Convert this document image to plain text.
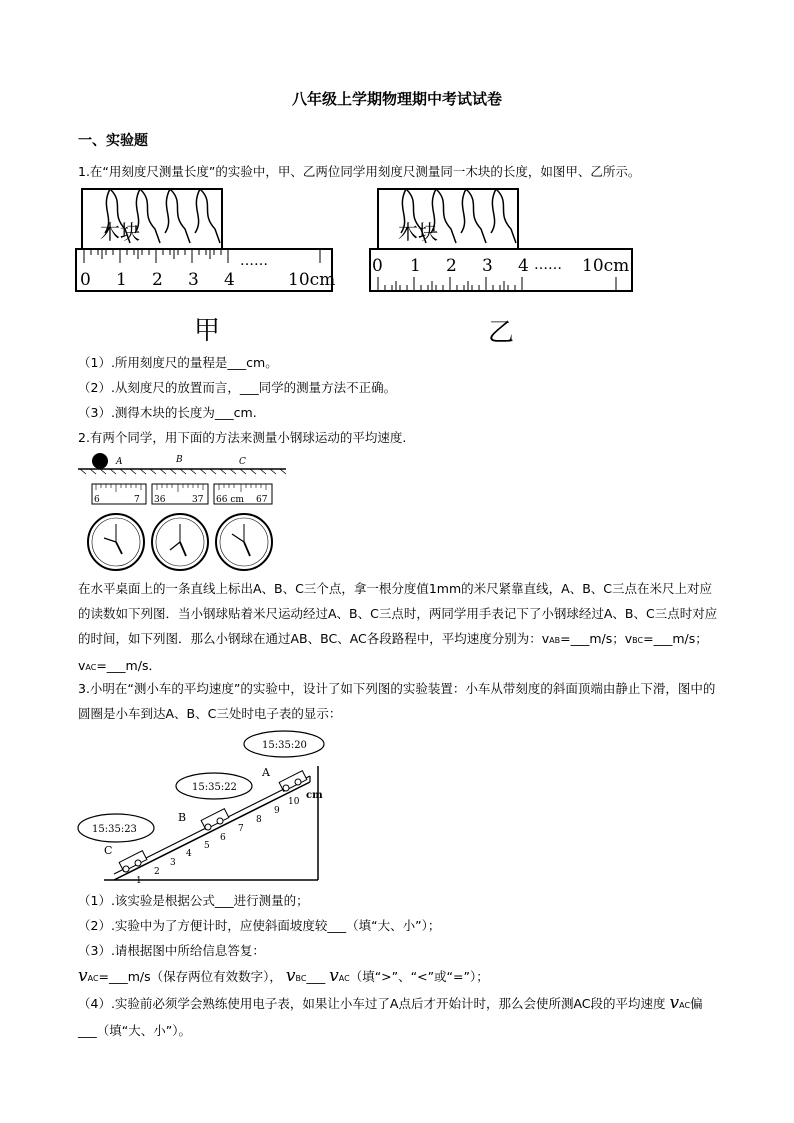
八年级上学期物理期中考试试卷
一、实验题
1.在“用刻度尺测量长度”的实验中，甲、乙两位同学用刻度尺测量同一木块的长度，如图甲、乙所示。
木块
0 1 2 3 4
……
10cm
甲
木块
0 1 2 3 4 …… 10cm
乙
（1）.所用刻度尺的量程是___cm。
（2）.从刻度尺的放置而言，___同学的测量方法不正确。
（3）.测得木块的长度为___cm.
2.有两个同学，用下面的方法来测量小钢球运动的平均速度.
A	B	C
6	7 36	37 66 cm 67
在水平桌面上的一条直线上标出A、B、C三个点，拿一根分度值1mm的米尺紧靠直线，A、B、C三点在米尺上对应的读数如下列图．当小钢球贴着米尺运动经过A、B、C三点时，两同学用手表记下了小钢球经过A、B、C三点时对应的时间，如下列图．那么小钢球在通过AB、BC、AC各段路程中，平均速度分别为：vAB=___m/s；vBC=___m/s；vAC=___m/s．
3.小明在“测小车的平均速度”的实验中，设计了如下列图的实验装置：小车从带刻度的斜面顶端由静止下滑，图中的圆圈是小车到达A、B、C三处时电子表的显示：
15:35:20
15:35:22
15:35:23
A
B
C
cm
1
2
3
4
5
6
7
8
9
10
（1）.该实验是根据公式___进行测量的；
（2）.实验中为了方便计时，应使斜面坡度较___（填“大、小”）；
（3）.请根据图中所给信息答复：
vAC=___m/s（保存两位有效数字）， vBC___ vAC（填“>”、“<”或“=”）；
（4）.实验前必须学会熟练使用电子表，如果让小车过了A点后才开始计时，那么会使所测AC段的平均速度 vAC偏___（填“大、小”）。
